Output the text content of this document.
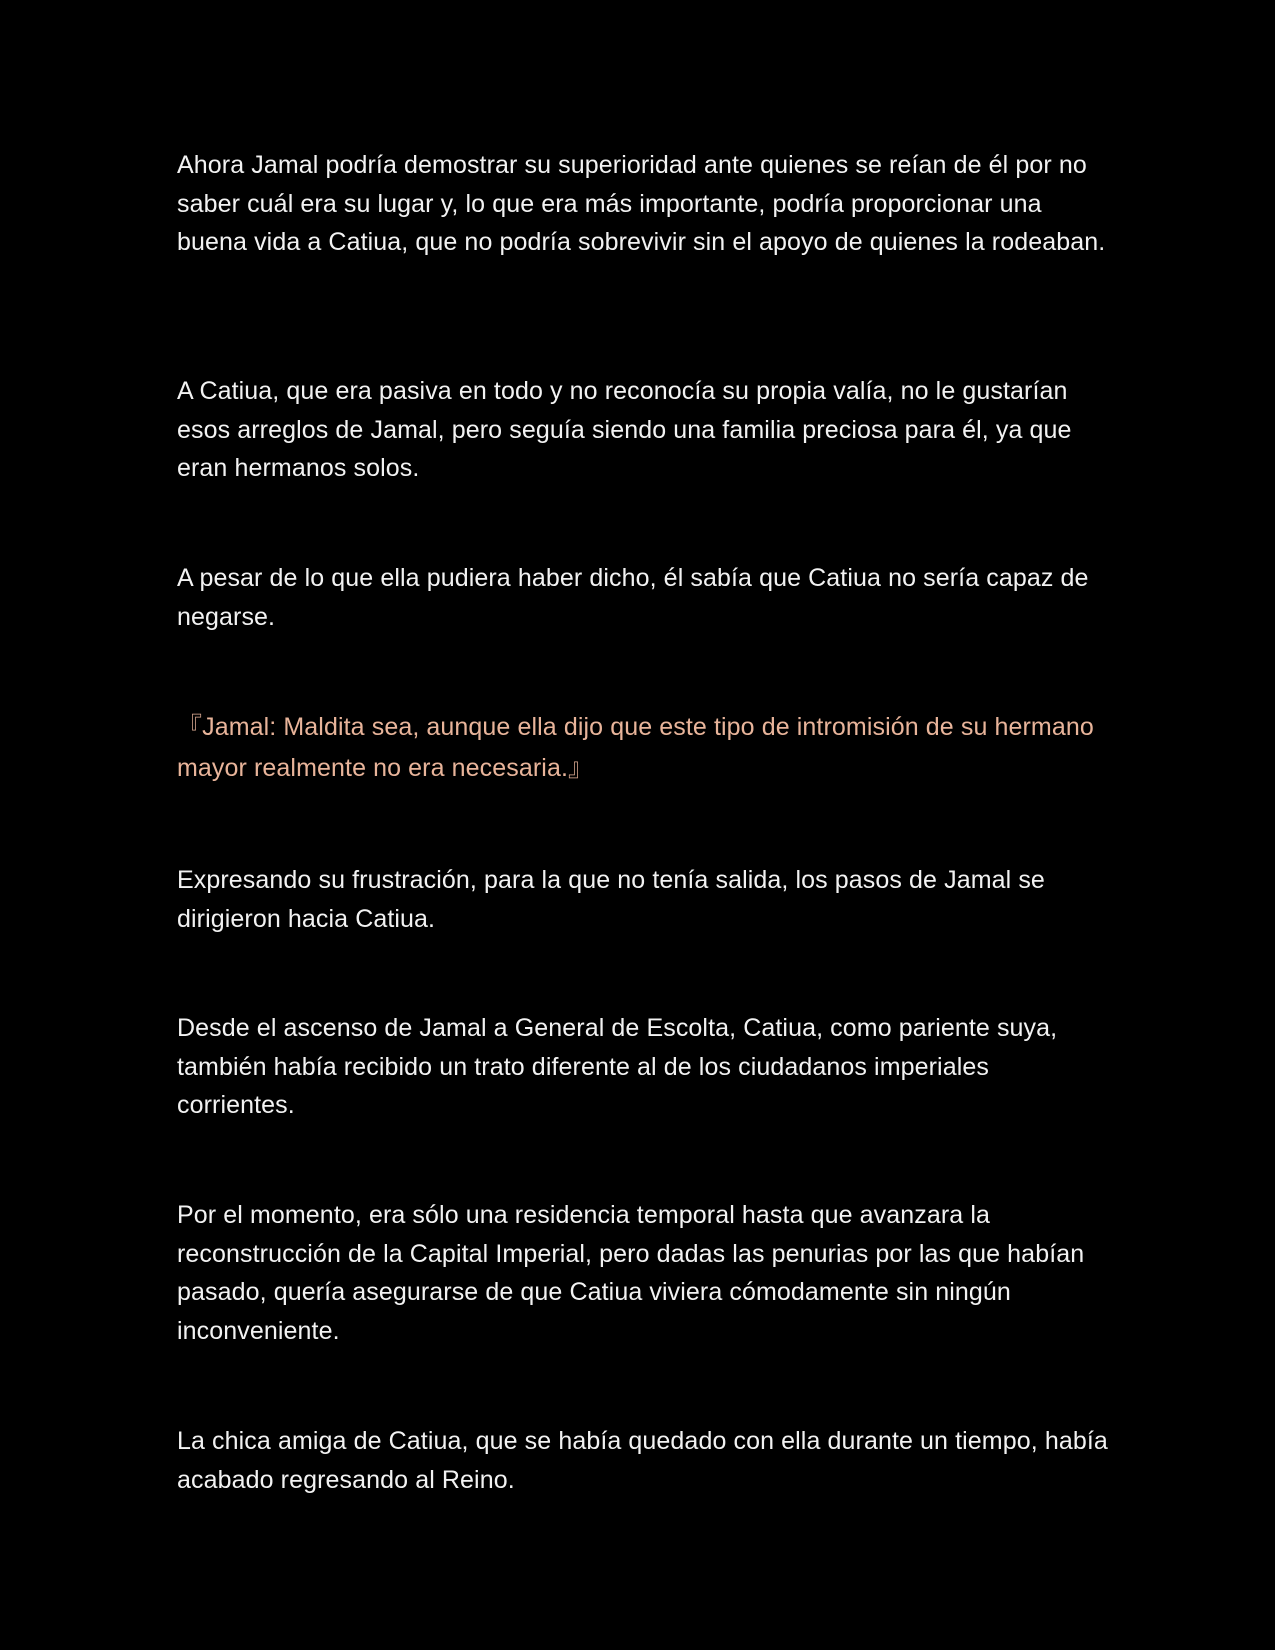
Ahora Jamal podría demostrar su superioridad ante quienes se reían de él por no saber cuál era su lugar y, lo que era más importante, podría proporcionar una buena vida a Catiua, que no podría sobrevivir sin el apoyo de quienes la rodeaban.

A Catiua, que era pasiva en todo y no reconocía su propia valía, no le gustarían esos arreglos de Jamal, pero seguía siendo una familia preciosa para él, ya que eran hermanos solos.

A pesar de lo que ella pudiera haber dicho, él sabía que Catiua no sería capaz de negarse.

『Jamal: Maldita sea, aunque ella dijo que este tipo de intromisión de su hermano mayor realmente no era necesaria.』

Expresando su frustración, para la que no tenía salida, los pasos de Jamal se dirigieron hacia Catiua.

Desde el ascenso de Jamal a General de Escolta, Catiua, como pariente suya, también había recibido un trato diferente al de los ciudadanos imperiales corrientes.

Por el momento, era sólo una residencia temporal hasta que avanzara la reconstrucción de la Capital Imperial, pero dadas las penurias por las que habían pasado, quería asegurarse de que Catiua viviera cómodamente sin ningún inconveniente.

La chica amiga de Catiua, que se había quedado con ella durante un tiempo, había acabado regresando al Reino.
